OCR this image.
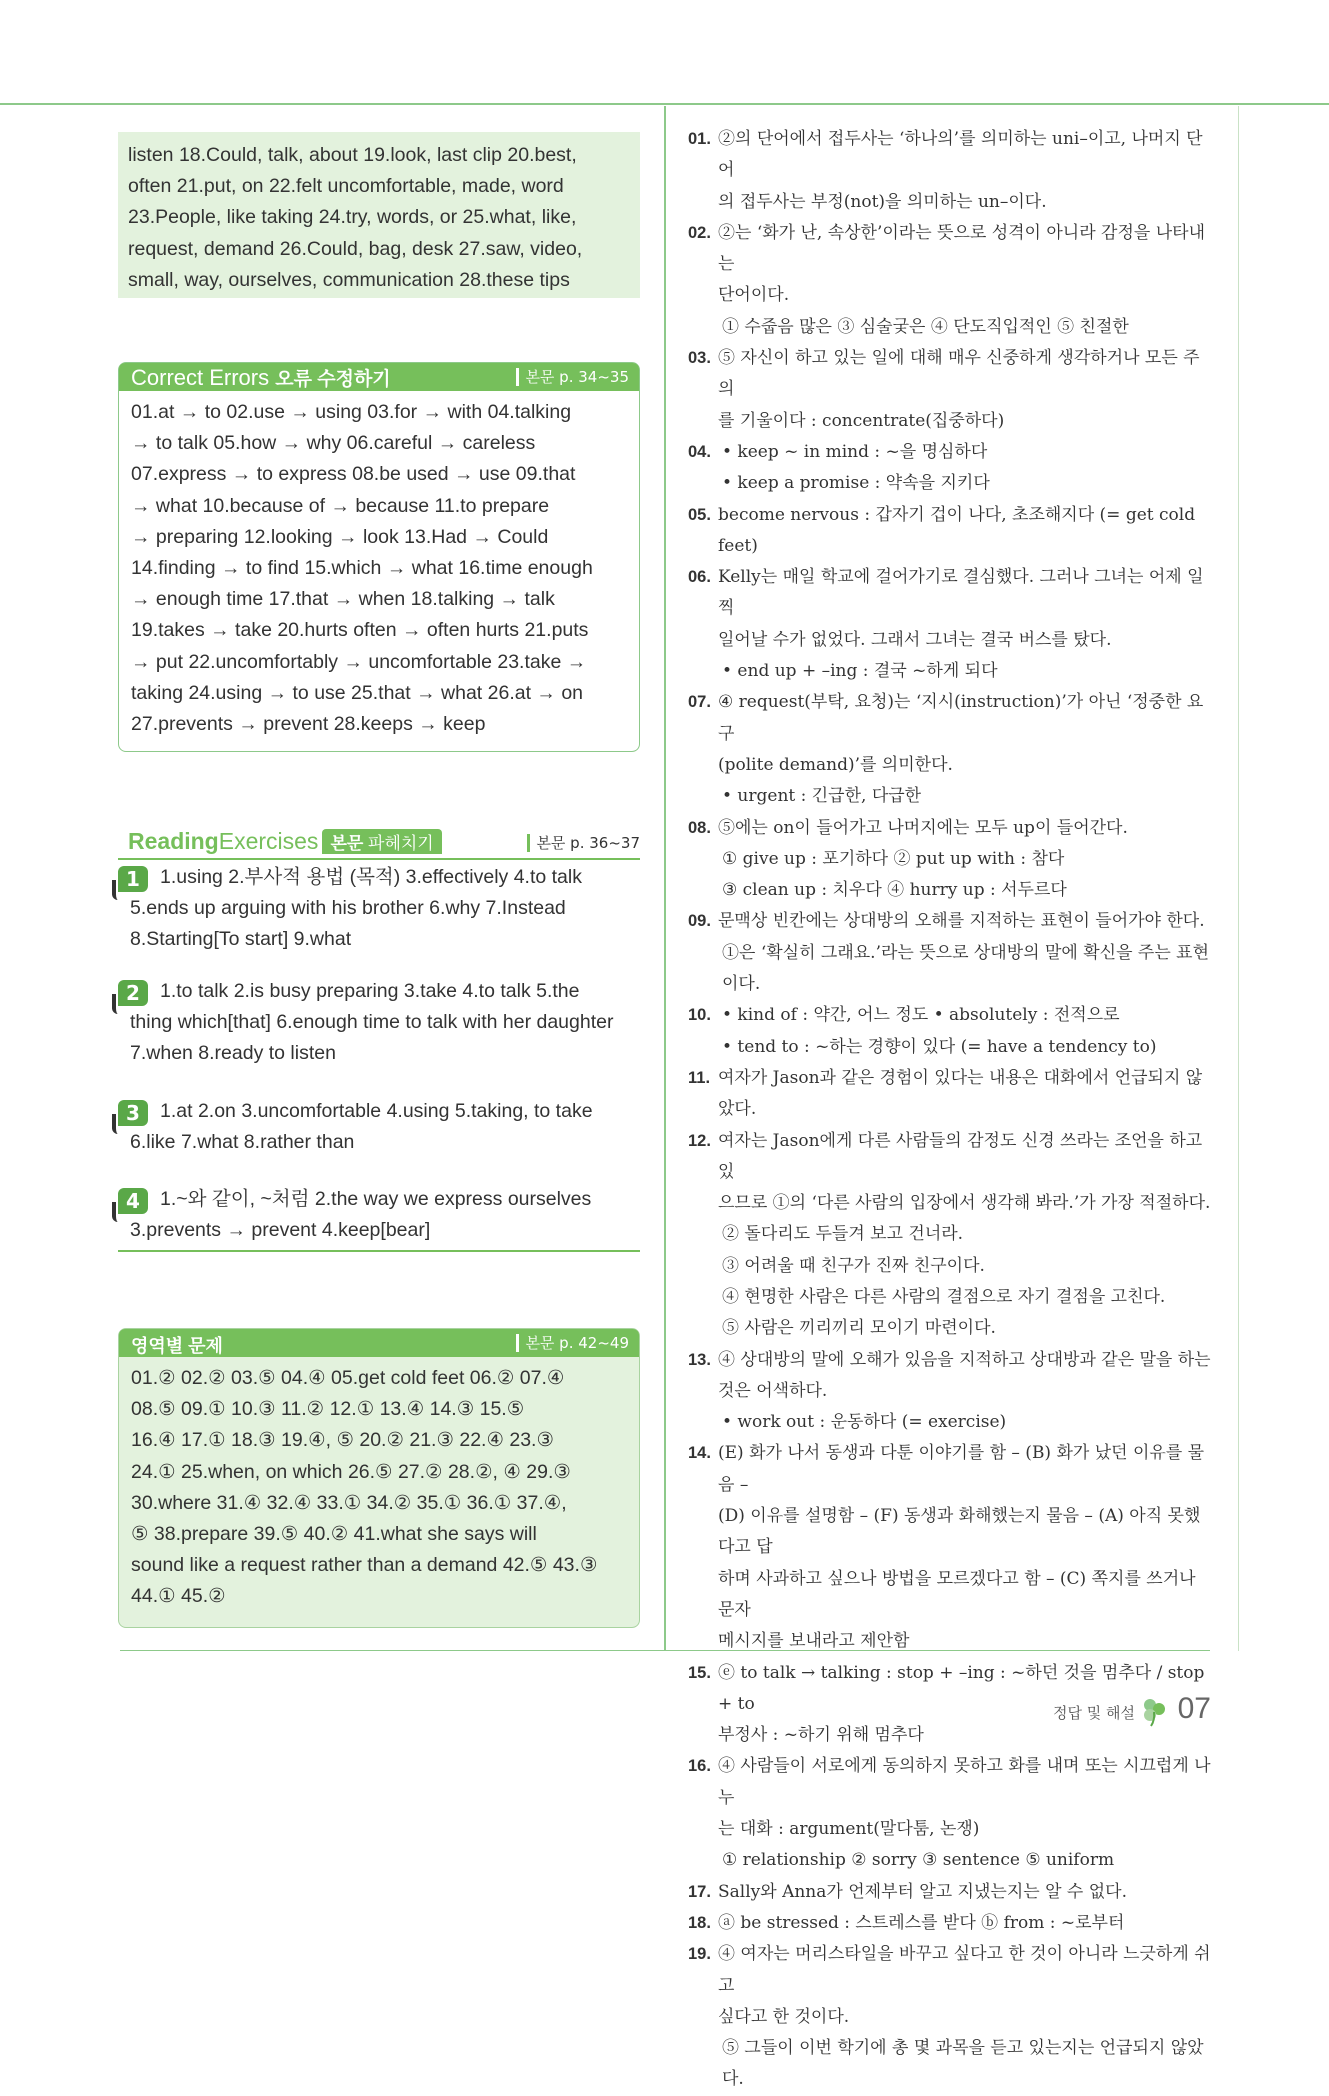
listen 18.Could, talk, about 19.look, last clip 20.best,
often 21.put, on 22.felt uncomfortable, made, word
23.People, like taking 24.try, words, or 25.what, like,
request, demand 26.Could, bag, desk 27.saw, video,
small, way, ourselves, communication 28.these tips
Correct Errors 오류 수정하기	본문 p. 34~35
01.at → to 02.use → using 03.for → with 04.talking
→ to talk 05.how → why 06.careful → careless
07.express → to express 08.be used → use 09.that
→ what 10.because of → because 11.to prepare
→ preparing 12.looking → look 13.Had → Could
14.finding → to find 15.which → what 16.time enough
→ enough time 17.that → when 18.talking → talk
19.takes → take 20.hurts often → often hurts 21.puts
→ put 22.uncomfortably → uncomfortable 23.take →
taking 24.using → to use 25.that → what 26.at → on
27.prevents → prevent 28.keeps → keep
ReadingExercises 본문 파헤치기	본문 p. 36~37
1	1.using 2.부사적 용법 (목적) 3.effectively 4.to talk
5.ends up arguing with his brother 6.why 7.Instead
8.Starting[To start] 9.what
2	1.to talk 2.is busy preparing 3.take 4.to talk 5.the
thing which[that] 6.enough time to talk with her daughter
7.when 8.ready to listen
3	1.at 2.on 3.uncomfortable 4.using 5.taking, to take
6.like 7.what 8.rather than
4	1.~와 같이, ~처럼 2.the way we express ourselves
3.prevents → prevent 4.keep[bear]
영역별 문제	본문 p. 42~49
01.② 02.② 03.⑤ 04.④ 05.get cold feet 06.② 07.④
08.⑤ 09.① 10.③ 11.② 12.① 13.④ 14.③ 15.⑤
16.④ 17.① 18.③ 19.④, ⑤ 20.② 21.③ 22.④ 23.③
24.① 25.when, on which 26.⑤ 27.② 28.②, ④ 29.③
30.where 31.④ 32.④ 33.① 34.② 35.① 36.① 37.④,
⑤ 38.prepare 39.⑤ 40.② 41.what she says will
sound like a request rather than a demand 42.⑤ 43.③
44.① 45.②
01. ②의 단어에서 접두사는 ‘하나의’를 의미하는 uni–이고, 나머지 단어
의 접두사는 부정(not)을 의미하는 un–이다.
02. ②는 ‘화가 난, 속상한’이라는 뜻으로 성격이 아니라 감정을 나타내는
단어이다.
① 수줍음 많은 ③ 심술궂은 ④ 단도직입적인 ⑤ 친절한
03. ⑤ 자신이 하고 있는 일에 대해 매우 신중하게 생각하거나 모든 주의
를 기울이다 : concentrate(집중하다)
04. • keep ~ in mind : ~을 명심하다
• keep a promise : 약속을 지키다
05. become nervous : 갑자기 겁이 나다, 초조해지다 (= get cold feet)
06. Kelly는 매일 학교에 걸어가기로 결심했다. 그러나 그녀는 어제 일찍
일어날 수가 없었다. 그래서 그녀는 결국 버스를 탔다.
• end up + –ing : 결국 ~하게 되다
07. ④ request(부탁, 요청)는 ‘지시(instruction)’가 아닌 ‘정중한 요구
(polite demand)’를 의미한다.
• urgent : 긴급한, 다급한
08. ⑤에는 on이 들어가고 나머지에는 모두 up이 들어간다.
① give up : 포기하다 ② put up with : 참다
③ clean up : 치우다 ④ hurry up : 서두르다
09. 문맥상 빈칸에는 상대방의 오해를 지적하는 표현이 들어가야 한다.
①은 ‘확실히 그래요.’라는 뜻으로 상대방의 말에 확신을 주는 표현이다.
10. • kind of : 약간, 어느 정도 • absolutely : 전적으로
• tend to : ~하는 경향이 있다 (= have a tendency to)
11. 여자가 Jason과 같은 경험이 있다는 내용은 대화에서 언급되지 않
았다.
12. 여자는 Jason에게 다른 사람들의 감정도 신경 쓰라는 조언을 하고 있
으므로 ①의 ‘다른 사람의 입장에서 생각해 봐라.’가 가장 적절하다.
② 돌다리도 두들겨 보고 건너라.
③ 어려울 때 친구가 진짜 친구이다.
④ 현명한 사람은 다른 사람의 결점으로 자기 결점을 고친다.
⑤ 사람은 끼리끼리 모이기 마련이다.
13. ④ 상대방의 말에 오해가 있음을 지적하고 상대방과 같은 말을 하는
것은 어색하다.
• work out : 운동하다 (= exercise)
14. (E) 화가 나서 동생과 다툰 이야기를 함 – (B) 화가 났던 이유를 물음 –
(D) 이유를 설명함 – (F) 동생과 화해했는지 물음 – (A) 아직 못했다고 답
하며 사과하고 싶으나 방법을 모르겠다고 함 – (C) 쪽지를 쓰거나 문자
메시지를 보내라고 제안함
15. ⓔ to talk → talking : stop + –ing : ~하던 것을 멈추다 / stop + to
부정사 : ~하기 위해 멈추다
16. ④ 사람들이 서로에게 동의하지 못하고 화를 내며 또는 시끄럽게 나누
는 대화 : argument(말다툼, 논쟁)
① relationship ② sorry ③ sentence ⑤ uniform
17. Sally와 Anna가 언제부터 알고 지냈는지는 알 수 없다.
18. ⓐ be stressed : 스트레스를 받다 ⓑ from : ~로부터
19. ④ 여자는 머리스타일을 바꾸고 싶다고 한 것이 아니라 느긋하게 쉬고
싶다고 한 것이다.
⑤ 그들이 이번 학기에 총 몇 과목을 듣고 있는지는 언급되지 않았다.
정답 및 해설 07
